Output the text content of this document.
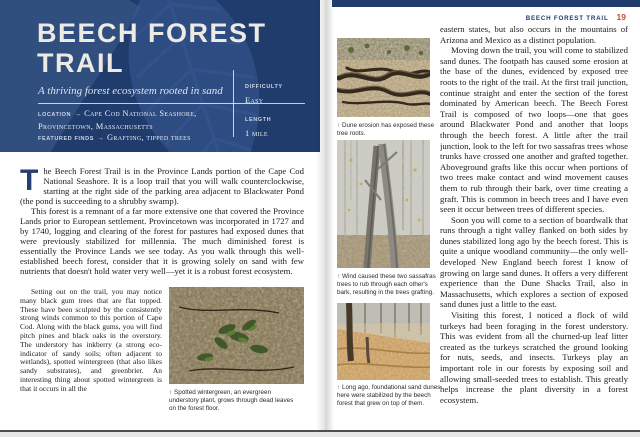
BEECH FOREST
TRAIL
A thriving forest ecosystem rooted in sand
LOCATION → Cape Cod National Seashore, Provincetown, Massachusetts
FEATURED FINDS → Grafting, tipped trees
DIFFICULTY
Easy
LENGTH
1 mile

The Beech Forest Trail is in the Province Lands portion of the Cape Cod National Seashore. It is a loop trail that you will walk counterclockwise, starting at the right side of the parking area adjacent to Blackwater Pond (the pond is succeeding to a shrubby swamp).

This forest is a remnant of a far more extensive one that covered the Province Lands prior to European settlement. Provincetown was incorporated in 1727 and by 1740, logging and clearing of the forest for pastures had exposed dunes that were previously stabilized for millennia. The much diminished forest is essentially the Province Lands we see today. As you walk through this well-established beech forest, consider that it is growing solely on sand with few nutrients that doesn't hold water very well—yet it is a robust forest ecosystem.

Setting out on the trail, you may notice many black gum trees that are flat topped. These have been sculpted by the consistently strong winds common to this portion of Cape Cod. Along with the black gums, you will find pitch pines and black oaks in the overstory. The understory has inkberry (a strong eco-indicator of sandy soils; often adjacent to wetlands), spotted wintergreen (that also likes sandy substrates), and greenbrier. An interesting thing about spotted wintergreen is that it occurs in all the

↑ Spotted wintergreen, an evergreen understory plant, grows through dead leaves on the forest floor.
BEECH FOREST TRAIL 19
↑ Dune erosion has exposed these tree roots.
↑ Wind caused these two sassafras trees to rub through each other's bark, resulting in the trees grafting.
↑ Long ago, foundational sand dunes here were stabilized by the beech forest that grew on top of them.

eastern states, but also occurs in the mountains of Arizona and Mexico as a distinct population.

Moving down the trail, you will come to stabilized sand dunes. The footpath has caused some erosion at the base of the dunes, evidenced by exposed tree roots to the right of the trail. At the first trail junction, continue straight and enter the section of the forest dominated by American beech. The Beech Forest Trail is composed of two loops—one that goes around Blackwater Pond and another that loops through the beech forest. A little after the trail junction, look to the left for two sassafras trees whose trunks have crossed one another and grafted together. Aboveground grafts like this occur when portions of two trees make contact and wind movement causes them to rub through their bark, over time creating a graft. This is common in beech trees and I have even seen it occur between trees of different species.

Soon you will come to a section of boardwalk that runs through a tight valley flanked on both sides by dunes stabilized long ago by the beech forest. This is quite a unique woodland community—the only well-developed New England beech forest I know of growing on large sand dunes. It offers a very different experience than the Dune Shacks Trail, also in Massachusetts, which explores a section of exposed sand dunes just a little to the east.

Visiting this forest, I noticed a flock of wild turkeys had been foraging in the forest understory. This was evident from all the churned-up leaf litter created as the turkeys scratched the ground looking for nuts, seeds, and insects. Turkeys play an important role in our forests by exposing soil and allowing small-seeded trees to establish. This greatly helps increase the plant diversity in a forest ecosystem.
